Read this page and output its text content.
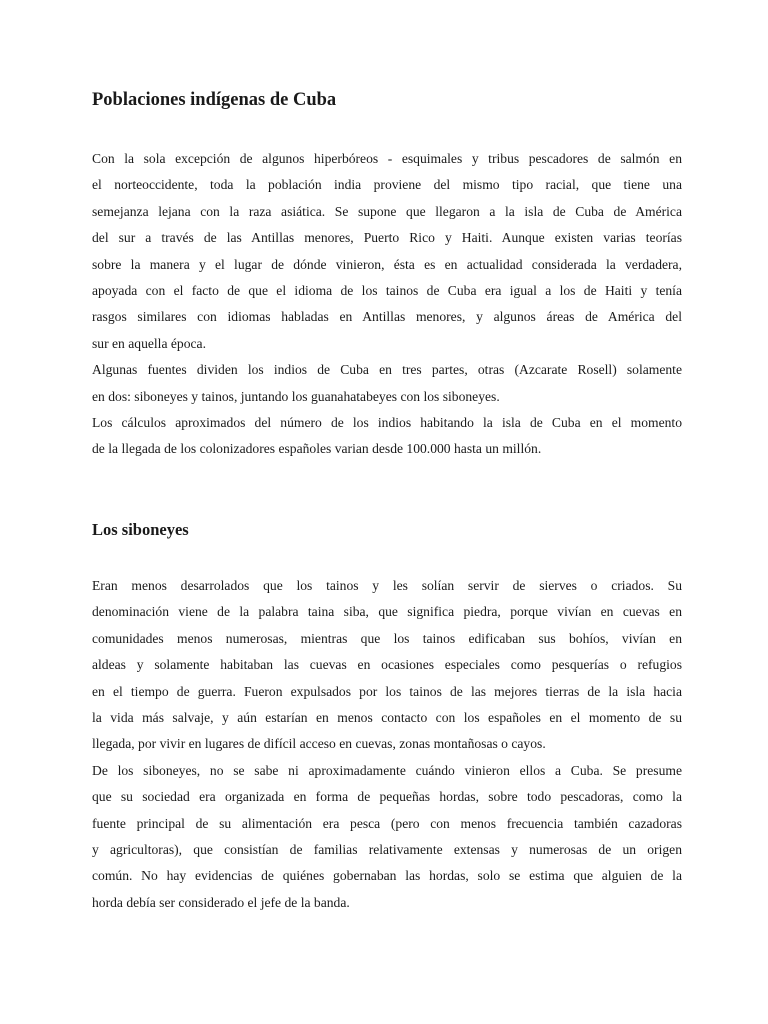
Poblaciones indígenas de Cuba
Con la sola excepción de algunos hiperbóreos - esquimales y tribus pescadores de salmón en
el norteoccidente, toda la población india proviene del mismo tipo racial, que tiene una
semejanza lejana con la raza asiática. Se supone que llegaron a la isla de Cuba de América
del sur a través de las Antillas menores, Puerto Rico y Haiti. Aunque existen varias teorías
sobre la manera y el lugar de dónde vinieron, ésta es en actualidad considerada la verdadera,
apoyada con el facto de que el idioma de los tainos de Cuba era igual a los de Haiti y tenía
rasgos similares con idiomas habladas en Antillas menores, y algunos áreas de América del
sur en aquella época.
Algunas fuentes dividen los indios de Cuba en tres partes, otras (Azcarate Rosell) solamente
en dos: siboneyes y tainos, juntando los guanahatabeyes con los siboneyes.
Los cálculos aproximados del número de los indios habitando la isla de Cuba en el momento
de la llegada de los colonizadores españoles varian desde 100.000 hasta un millón.
Los siboneyes
Eran menos desarrolados que los tainos y les solían servir de sierves o criados. Su
denominación viene de la palabra taina siba, que significa piedra, porque vivían en cuevas en
comunidades menos numerosas, mientras que los tainos edificaban sus bohíos, vivían en
aldeas y solamente habitaban las cuevas en ocasiones especiales como pesquerías o refugios
en el tiempo de guerra. Fueron expulsados por los tainos de las mejores tierras de la isla hacia
la vida más salvaje, y aún estarían en menos contacto con los españoles en el momento de su
llegada, por vivir en lugares de difícil acceso en cuevas, zonas montañosas o cayos.
De los siboneyes, no se sabe ni aproximadamente cuándo vinieron ellos a Cuba. Se presume
que su sociedad era organizada en forma de pequeñas hordas, sobre todo pescadoras, como la
fuente principal de su alimentación era pesca (pero con menos frecuencia también cazadoras
y agricultoras), que consistían de familias relativamente extensas y numerosas de un origen
común. No hay evidencias de quiénes gobernaban las hordas, solo se estima que alguien de la
horda debía ser considerado el jefe de la banda.
